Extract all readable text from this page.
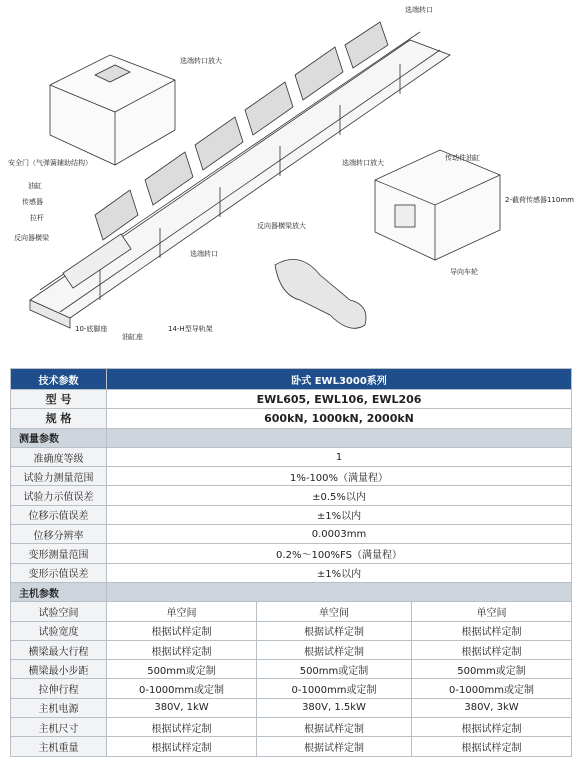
选端转口
选端转口放大
安全门（气弹簧辅助结构）
油缸
传感器
拉杆
反向器横梁
10-底脚座
油缸座
14-H型导轨架
选端转口放大
选端转口
反向器横梁放大
传动件油缸
2-截荷传感器110mm
导向车轮
技术参数	卧式 EWL3000系列		
型 号	EWL605, EWL106, EWL206		
规 格	600kN, 1000kN, 2000kN		
测量参数			
准确度等级	1		
试验力测量范围	1%-100%（满量程）		
试验力示值误差	±0.5%以内		
位移示值误差	±1%以内		
位移分辨率	0.0003mm		
变形测量范围	0.2%～100%FS（满量程）		
变形示值误差	±1%以内		
主机参数			
试验空间	单空间	单空间	单空间
试验宽度	根据试样定制	根据试样定制	根据试样定制
横梁最大行程	根据试样定制	根据试样定制	根据试样定制
横梁最小步距	500mm或定制	500mm或定制	500mm或定制
拉伸行程	0-1000mm或定制	0-1000mm或定制	0-1000mm或定制
主机电源	380V, 1kW	380V, 1.5kW	380V, 3kW
主机尺寸	根据试样定制	根据试样定制	根据试样定制
主机重量	根据试样定制	根据试样定制	根据试样定制
